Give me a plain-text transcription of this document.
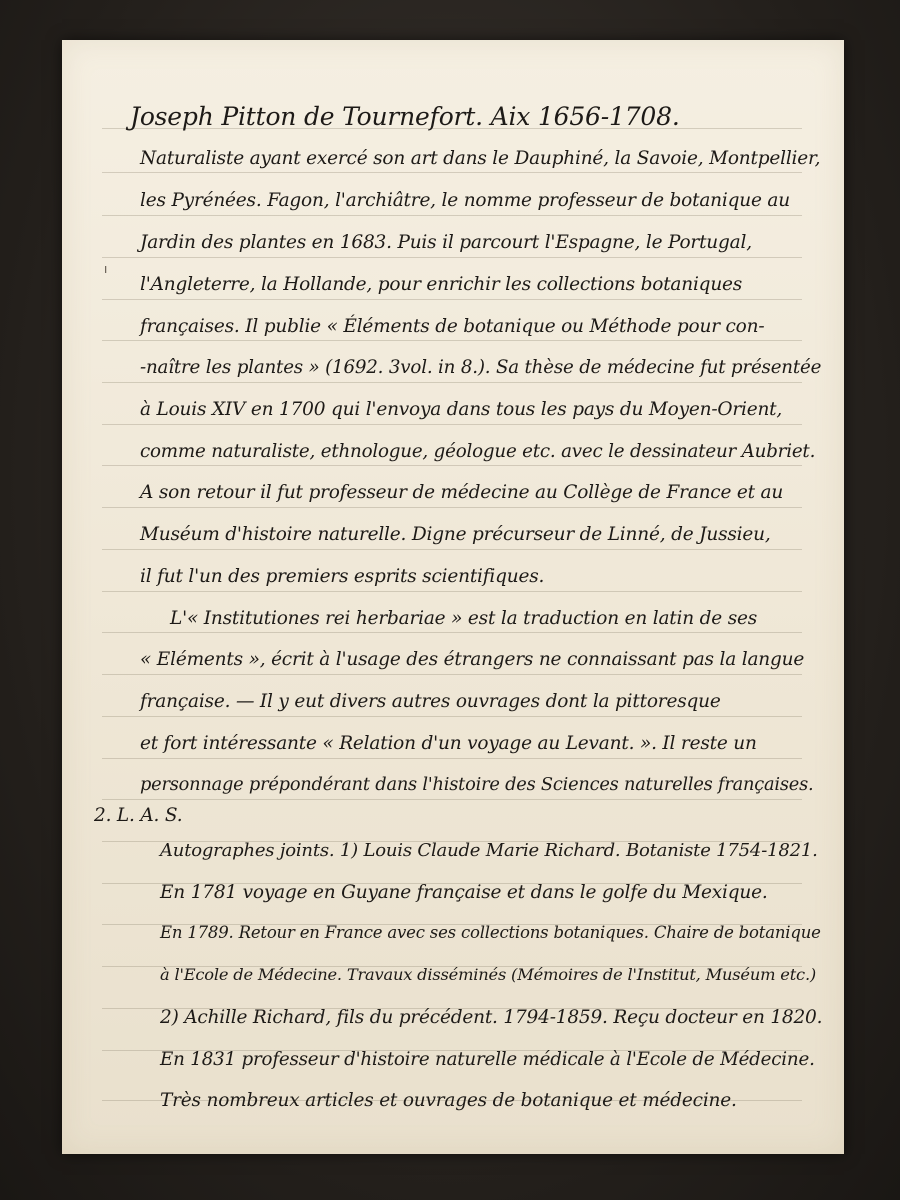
ı
Joseph Pitton de Tournefort. Aix 1656-1708.
Naturaliste ayant exercé son art dans le Dauphiné, la Savoie, Montpellier,
les Pyrénées. Fagon, l'archiâtre, le nomme professeur de botanique au
Jardin des plantes en 1683. Puis il parcourt l'Espagne, le Portugal,
l'Angleterre, la Hollande, pour enrichir les collections botaniques
françaises. Il publie « Éléments de botanique ou Méthode pour con-
-naître les plantes » (1692. 3vol. in 8.). Sa thèse de médecine fut présentée
à Louis XIV en 1700 qui l'envoya dans tous les pays du Moyen-Orient,
comme naturaliste, ethnologue, géologue etc. avec le dessinateur Aubriet.
A son retour il fut professeur de médecine au Collège de France et au
Muséum d'histoire naturelle. Digne précurseur de Linné, de Jussieu,
il fut l'un des premiers esprits scientifiques.
L'« Institutiones rei herbariae » est la traduction en latin de ses
« Eléments », écrit à l'usage des étrangers ne connaissant pas la langue
française. — Il y eut divers autres ouvrages dont la pittoresque
et fort intéressante « Relation d'un voyage au Levant. ». Il reste un
personnage prépondérant dans l'histoire des Sciences naturelles françaises.
2. L. A. S.
Autographes joints. 1) Louis Claude Marie Richard. Botaniste 1754-1821.
En 1781 voyage en Guyane française et dans le golfe du Mexique.
En 1789. Retour en France avec ses collections botaniques. Chaire de botanique
à l'Ecole de Médecine. Travaux disséminés (Mémoires de l'Institut, Muséum etc.)
2) Achille Richard, fils du précédent. 1794-1859. Reçu docteur en 1820.
En 1831 professeur d'histoire naturelle médicale à l'Ecole de Médecine.
Très nombreux articles et ouvrages de botanique et médecine.
